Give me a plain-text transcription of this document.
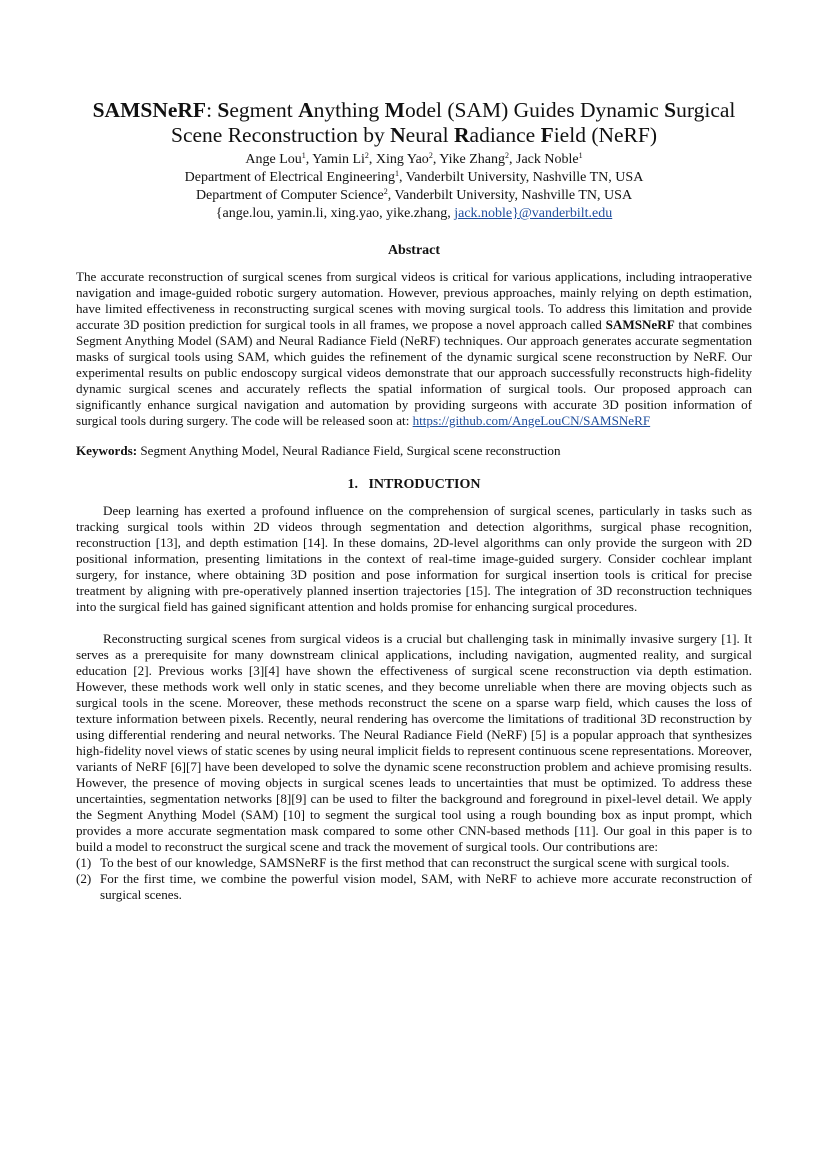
SAMSNeRF: Segment Anything Model (SAM) Guides Dynamic Surgical Scene Reconstruction by Neural Radiance Field (NeRF)

Ange Lou$^1$, Yamin Li$^2$, Xing Yao$^2$, Yike Zhang$^2$, Jack Noble$^1$

Department of Electrical Engineering$^1$, Vanderbilt University, Nashville TN, USA

Department of Computer Science$^2$, Vanderbilt University, Nashville TN, USA

{ange.lou, yamin.li, xing.yao, yike.zhang, jack.noble}@vanderbilt.edu

Abstract

The accurate reconstruction of surgical scenes from surgical videos is critical for various applications, including intraoperative navigation and image-guided robotic surgery automation. However, previous approaches, mainly relying on depth estimation, have limited effectiveness in reconstructing surgical scenes with moving surgical tools. To address this limitation and provide accurate 3D position prediction for surgical tools in all frames, we propose a novel approach called SAMSNeRF that combines Segment Anything Model (SAM) and Neural Radiance Field (NeRF) techniques. Our approach generates accurate segmentation masks of surgical tools using SAM, which guides the refinement of the dynamic surgical scene reconstruction by NeRF. Our experimental results on public endoscopy surgical videos demonstrate that our approach successfully reconstructs high-fidelity dynamic surgical scenes and accurately reflects the spatial information of surgical tools. Our proposed approach can significantly enhance surgical navigation and automation by providing surgeons with accurate 3D position information of surgical tools during surgery. The code will be released soon at: https://github.com/AngeLouCN/SAMSNeRF

Keywords: Segment Anything Model, Neural Radiance Field, Surgical scene reconstruction

1.   INTRODUCTION

Deep learning has exerted a profound influence on the comprehension of surgical scenes, particularly in tasks such as tracking surgical tools within 2D videos through segmentation and detection algorithms, surgical phase recognition, reconstruction [13], and depth estimation [14]. In these domains, 2D-level algorithms can only provide the surgeon with 2D positional information, presenting limitations in the context of real-time image-guided surgery. Consider cochlear implant surgery, for instance, where obtaining 3D position and pose information for surgical insertion tools is critical for precise treatment by aligning with pre-operatively planned insertion trajectories [15]. The integration of 3D reconstruction techniques into the surgical field has gained significant attention and holds promise for enhancing surgical procedures.

Reconstructing surgical scenes from surgical videos is a crucial but challenging task in minimally invasive surgery [1]. It serves as a prerequisite for many downstream clinical applications, including navigation, augmented reality, and surgical education [2]. Previous works [3][4] have shown the effectiveness of surgical scene reconstruction via depth estimation. However, these methods work well only in static scenes, and they become unreliable when there are moving objects such as surgical tools in the scene. Moreover, these methods reconstruct the scene on a sparse warp field, which causes the loss of texture information between pixels. Recently, neural rendering has overcome the limitations of traditional 3D reconstruction by using differential rendering and neural networks. The Neural Radiance Field (NeRF) [5] is a popular approach that synthesizes high-fidelity novel views of static scenes by using neural implicit fields to represent continuous scene representations. Moreover, variants of NeRF [6][7] have been developed to solve the dynamic scene reconstruction problem and achieve promising results. However, the presence of moving objects in surgical scenes leads to uncertainties that must be optimized. To address these uncertainties, segmentation networks [8][9] can be used to filter the background and foreground in pixel-level detail. We apply the Segment Anything Model (SAM) [10] to segment the surgical tool using a rough bounding box as input prompt, which provides a more accurate segmentation mask compared to some other CNN-based methods [11]. Our goal in this paper is to build a model to reconstruct the surgical scene and track the movement of surgical tools. Our contributions are:

(1) To the best of our knowledge, SAMSNeRF is the first method that can reconstruct the surgical scene with surgical tools.
(2) For the first time, we combine the powerful vision model, SAM, with NeRF to achieve more accurate reconstruction of surgical scenes.
